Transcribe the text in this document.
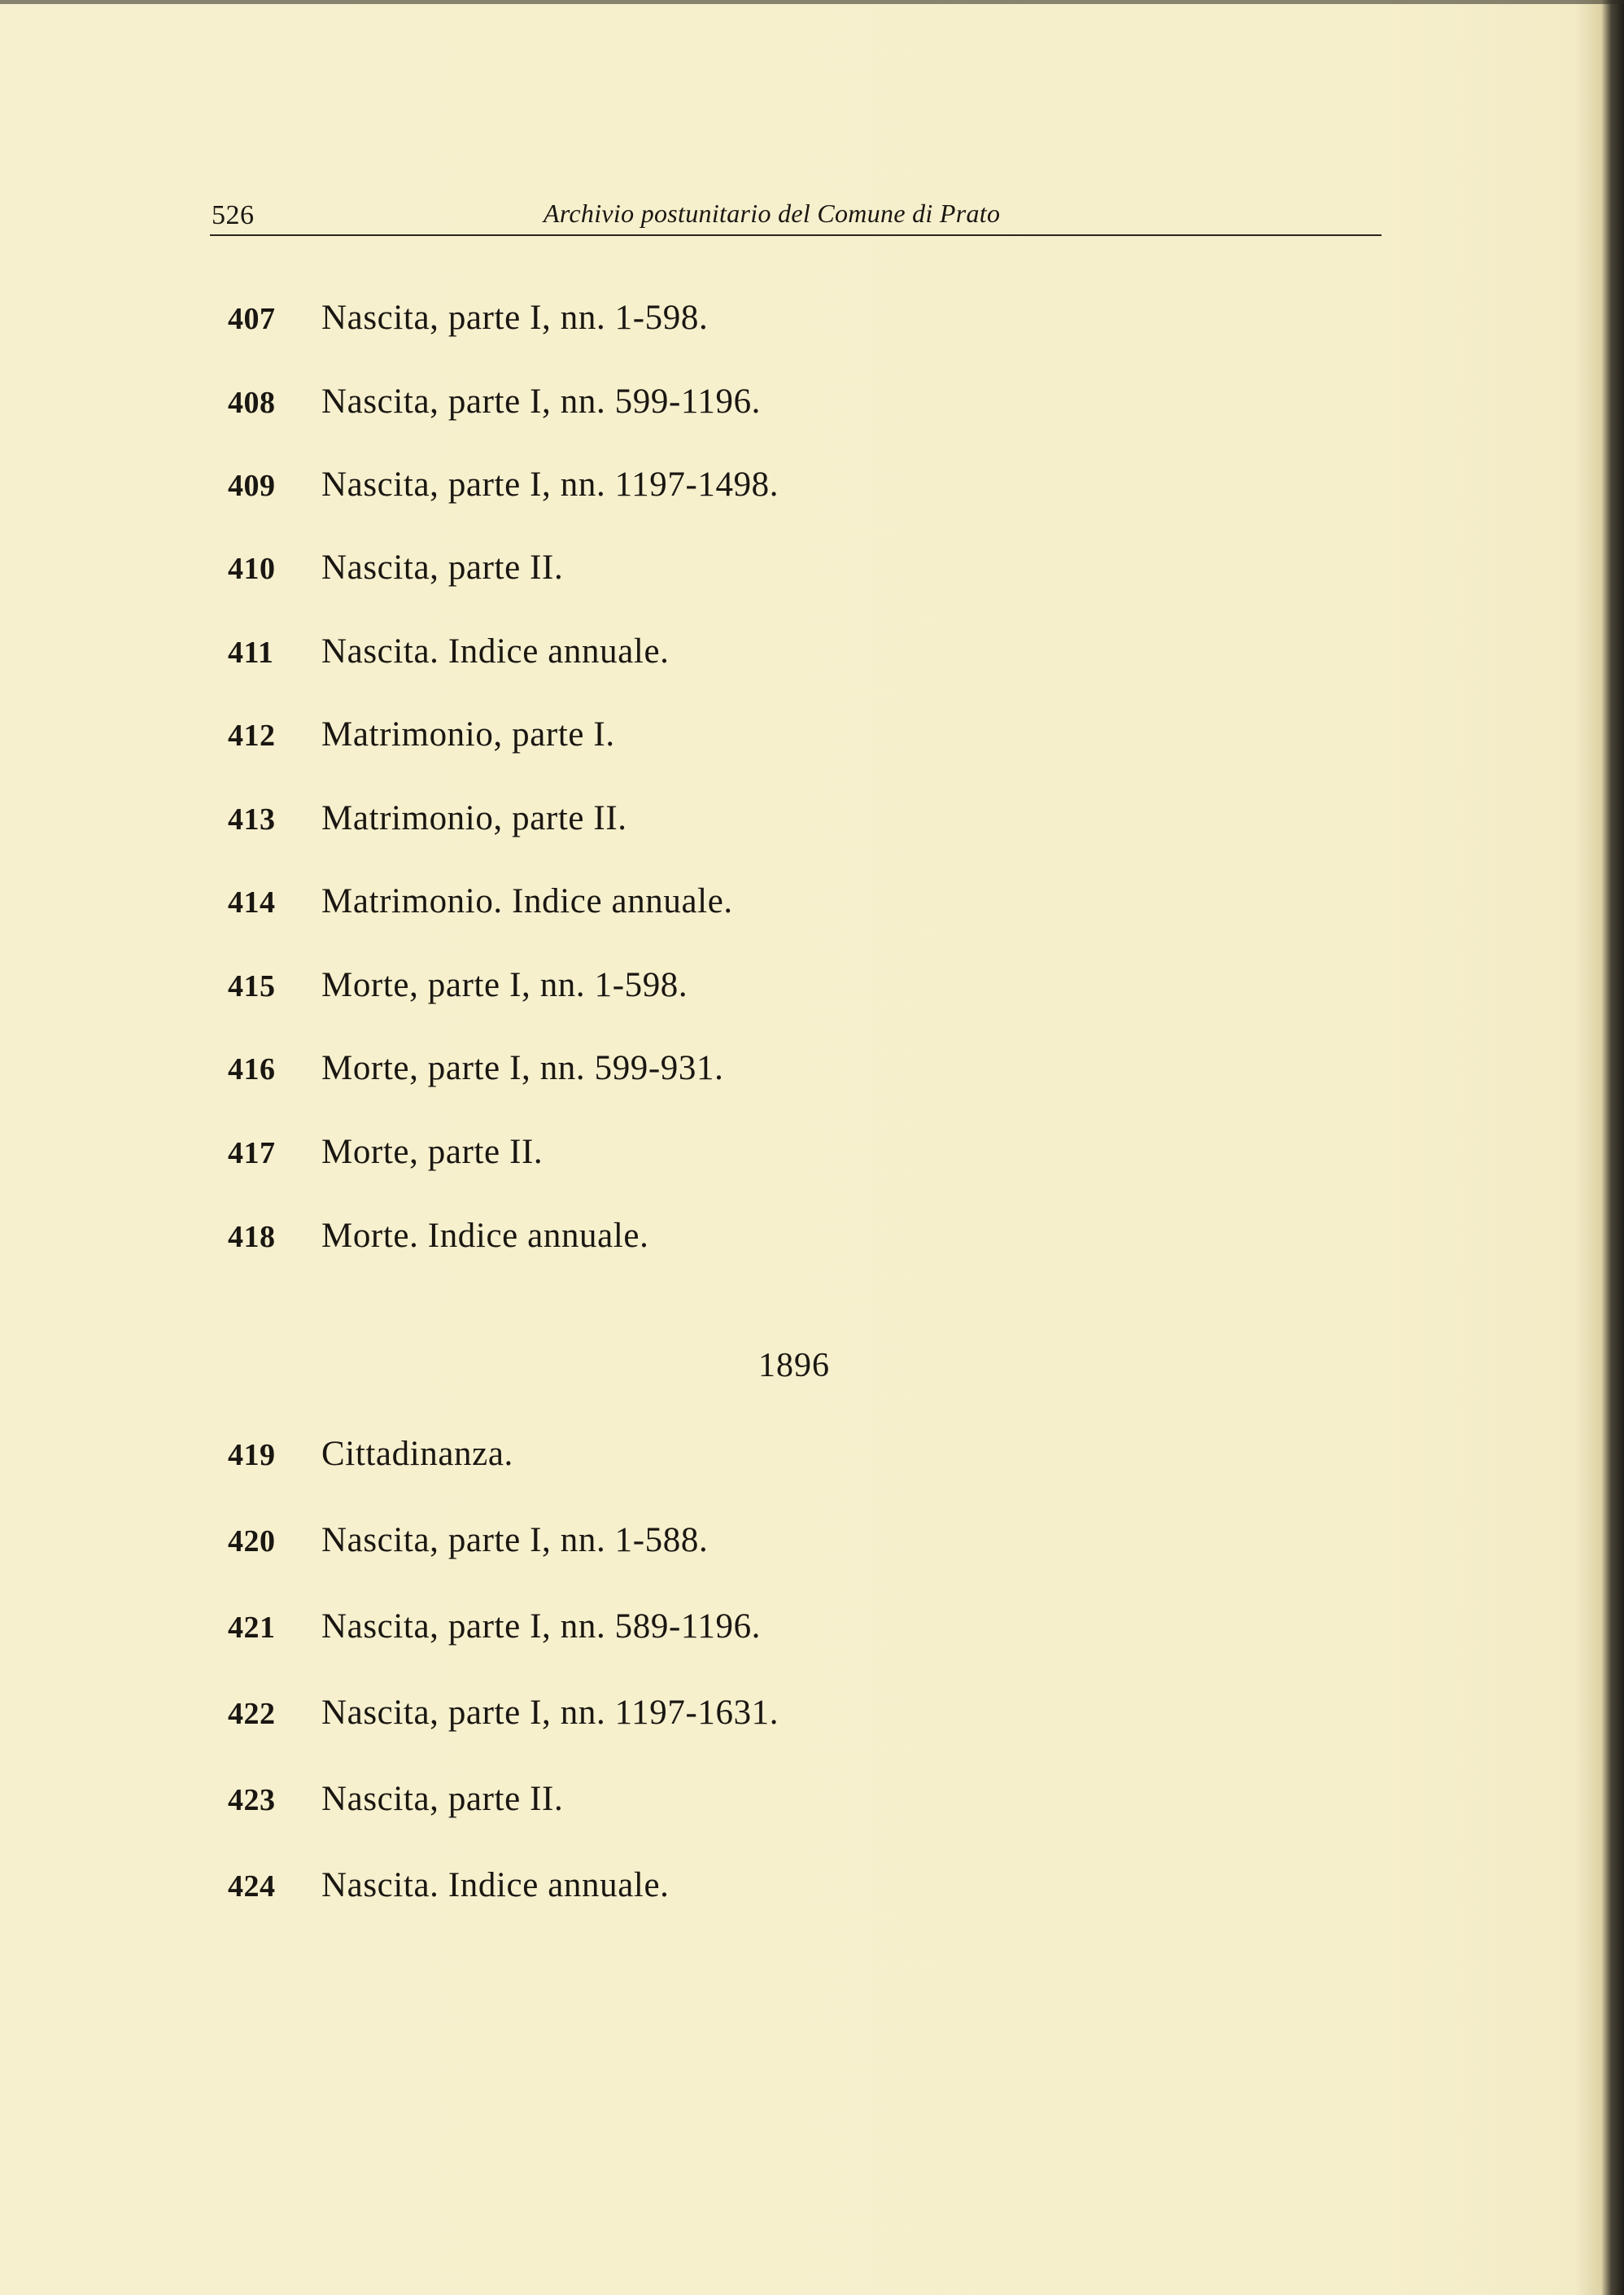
526	Archivio postunitario del Comune di Prato
407	Nascita, parte I, nn. 1-598.
408	Nascita, parte I, nn. 599-1196.
409	Nascita, parte I, nn. 1197-1498.
410	Nascita, parte II.
411	Nascita. Indice annuale.
412	Matrimonio, parte I.
413	Matrimonio, parte II.
414	Matrimonio. Indice annuale.
415	Morte, parte I, nn. 1-598.
416	Morte, parte I, nn. 599-931.
417	Morte, parte II.
418	Morte. Indice annuale.
1896
419	Cittadinanza.
420	Nascita, parte I, nn. 1-588.
421	Nascita, parte I, nn. 589-1196.
422	Nascita, parte I, nn. 1197-1631.
423	Nascita, parte II.
424	Nascita. Indice annuale.
